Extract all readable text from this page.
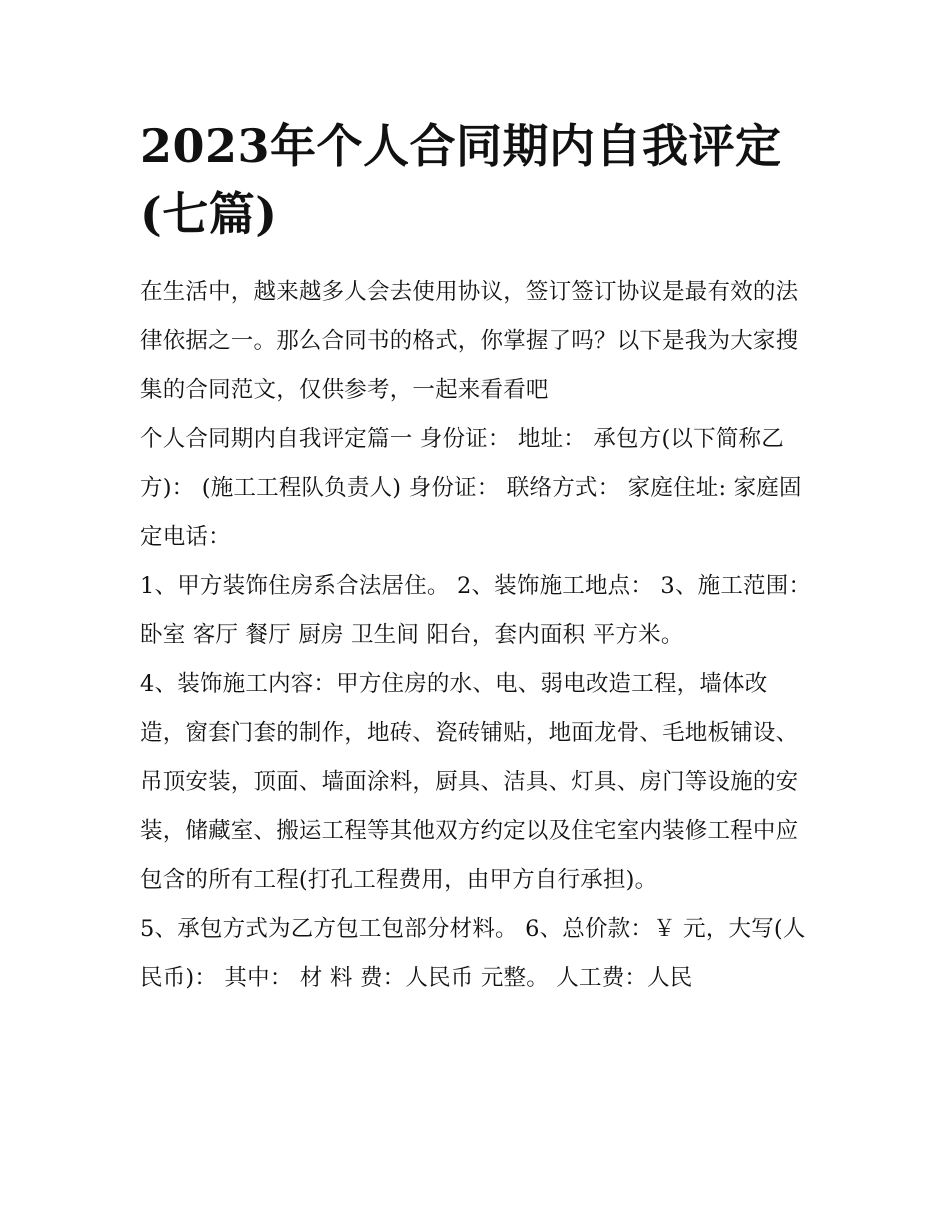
2023年个人合同期内自我评定(七篇)

在生活中，越来越多人会去使用协议，签订签订协议是最有效的法律依据之一。那么合同书的格式，你掌握了吗？以下是我为大家搜集的合同范文，仅供参考，一起来看看吧

个人合同期内自我评定篇一 身份证： 地址： 承包方(以下简称乙方)： (施工工程队负责人) 身份证： 联络方式： 家庭住址: 家庭固定电话：

1、甲方装饰住房系合法居住。 2、装饰施工地点： 3、施工范围： 卧室 客厅 餐厅 厨房 卫生间 阳台，套内面积 平方米。

4、装饰施工内容：甲方住房的水、电、弱电改造工程，墙体改造，窗套门套的制作，地砖、瓷砖铺贴，地面龙骨、毛地板铺设、吊顶安装，顶面、墙面涂料，厨具、洁具、灯具、房门等设施的安装，储藏室、搬运工程等其他双方约定以及住宅室内装修工程中应包含的所有工程(打孔工程费用，由甲方自行承担)。

5、承包方式为乙方包工包部分材料。 6、总价款：￥ 元，大写(人民币)： 其中： 材 料 费：人民币 元整。 人工费：人民
